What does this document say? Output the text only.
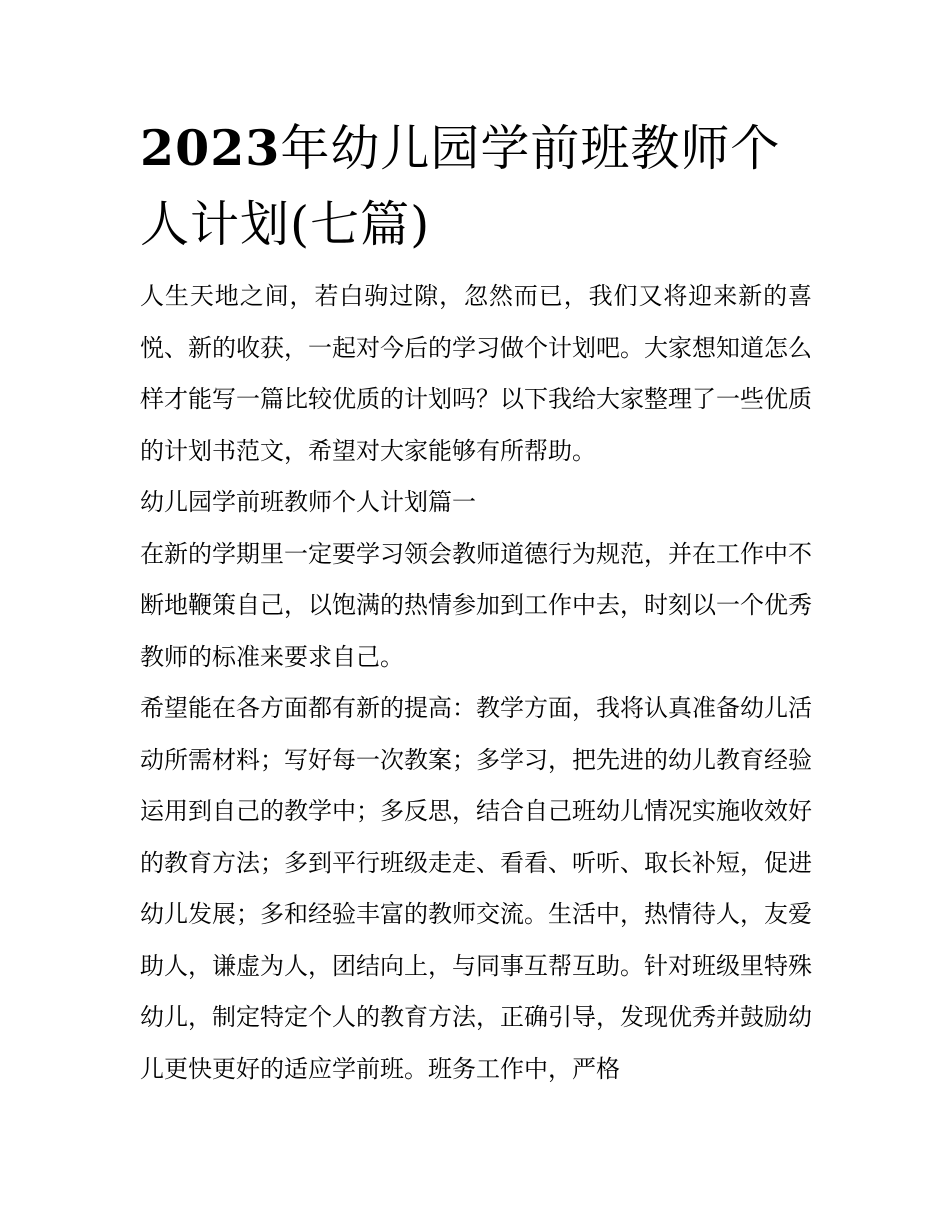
2023年幼儿园学前班教师个人计划(七篇)

人生天地之间，若白驹过隙，忽然而已，我们又将迎来新的喜悦、新的收获，一起对今后的学习做个计划吧。大家想知道怎么样才能写一篇比较优质的计划吗？以下我给大家整理了一些优质的计划书范文，希望对大家能够有所帮助。

幼儿园学前班教师个人计划篇一

在新的学期里一定要学习领会教师道德行为规范，并在工作中不断地鞭策自己，以饱满的热情参加到工作中去，时刻以一个优秀教师的标准来要求自己。

希望能在各方面都有新的提高：教学方面，我将认真准备幼儿活动所需材料；写好每一次教案；多学习，把先进的幼儿教育经验运用到自己的教学中；多反思，结合自己班幼儿情况实施收效好的教育方法；多到平行班级走走、看看、听听、取长补短，促进幼儿发展；多和经验丰富的教师交流。生活中，热情待人，友爱助人，谦虚为人，团结向上，与同事互帮互助。针对班级里特殊幼儿，制定特定个人的教育方法，正确引导，发现优秀并鼓励幼儿更快更好的适应学前班。班务工作中，严格
